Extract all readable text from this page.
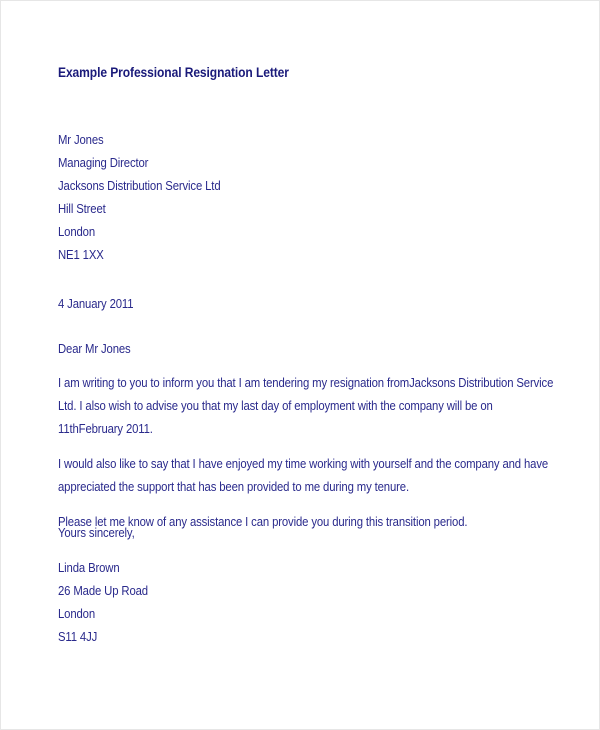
Example Professional Resignation Letter
Mr Jones
Managing Director
Jacksons Distribution Service Ltd
Hill Street
London
NE1 1XX
4 January 2011
Dear Mr Jones

I am writing to you to inform you that I am tendering my resignation fromJacksons Distribution Service Ltd. I also wish to advise you that my last day of employment with the company will be on 11thFebruary 2011.

I would also like to say that I have enjoyed my time working with yourself and the company and have appreciated the support that has been provided to me during my tenure.

Please let me know of any assistance I can provide you during this transition period.

Yours sincerely,
Linda Brown
26 Made Up Road
London
S11 4JJ
